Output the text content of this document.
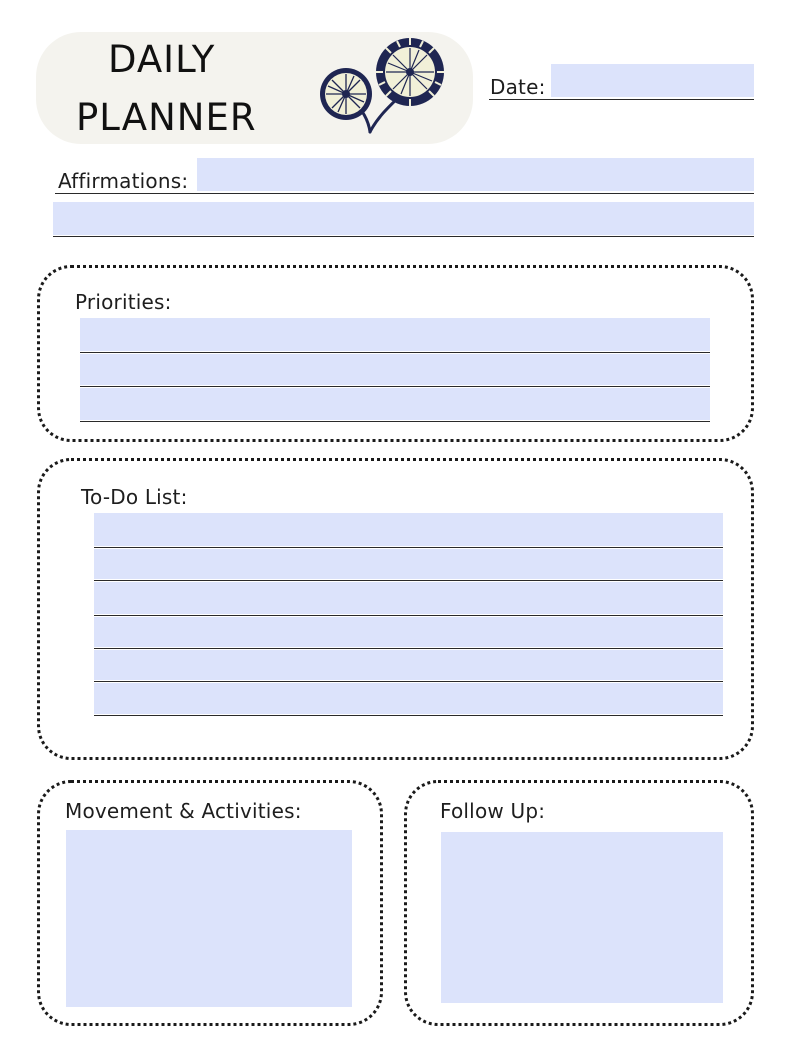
DAILY
PLANNER
Date:
Affirmations:
Priorities:
To-Do List:
Movement & Activities:	Follow Up:
